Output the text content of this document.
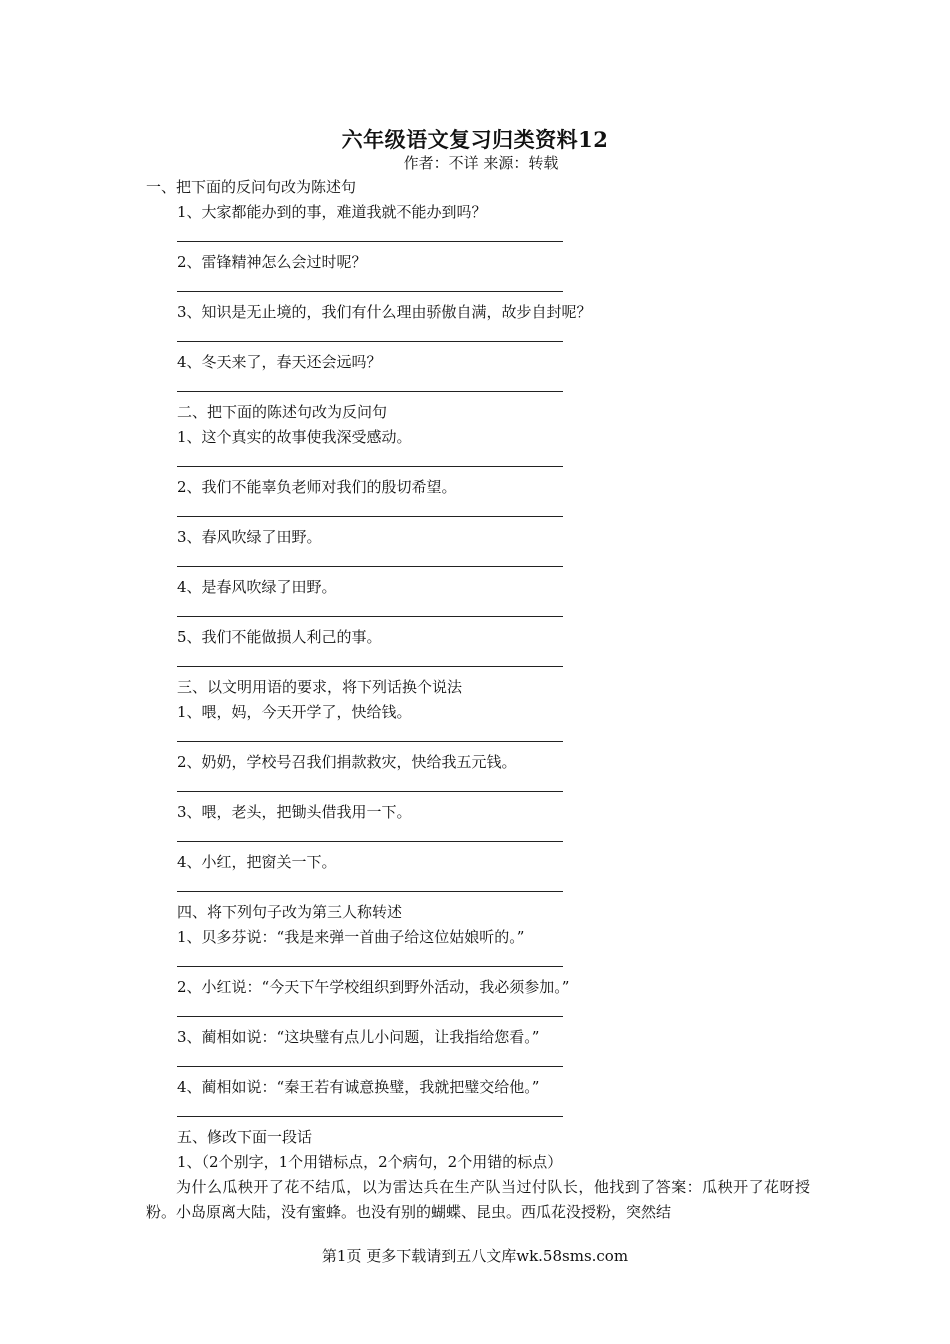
六年级语文复习归类资料12
作者：不详 来源：转载
一、把下面的反问句改为陈述句
1、大家都能办到的事，难道我就不能办到吗？
2、雷锋精神怎么会过时呢？
3、知识是无止境的，我们有什么理由骄傲自满，故步自封呢？
4、冬天来了，春天还会远吗？
二、把下面的陈述句改为反问句
1、这个真实的故事使我深受感动。
2、我们不能辜负老师对我们的殷切希望。
3、春风吹绿了田野。
4、是春风吹绿了田野。
5、我们不能做损人利己的事。
三、以文明用语的要求，将下列话换个说法
1、喂，妈，今天开学了，快给钱。
2、奶奶，学校号召我们捐款救灾，快给我五元钱。
3、喂，老头，把锄头借我用一下。
4、小红，把窗关一下。
四、将下列句子改为第三人称转述
1、贝多芬说：“我是来弹一首曲子给这位姑娘听的。”
2、小红说：“今天下午学校组织到野外活动，我必须参加。”
3、蔺相如说：“这块璧有点儿小问题，让我指给您看。”
4、蔺相如说：“秦王若有诚意换璧，我就把璧交给他。”
五、修改下面一段话
1、（2个别字，1个用错标点，2个病句，2个用错的标点）
为什么瓜秧开了花不结瓜，以为雷达兵在生产队当过付队长，他找到了答案：瓜秧开了花呀授粉。小岛原离大陆，没有蜜蜂。也没有别的蝴蝶、昆虫。西瓜花没授粉，突然结
第1页 更多下载请到五八文库wk.58sms.com
